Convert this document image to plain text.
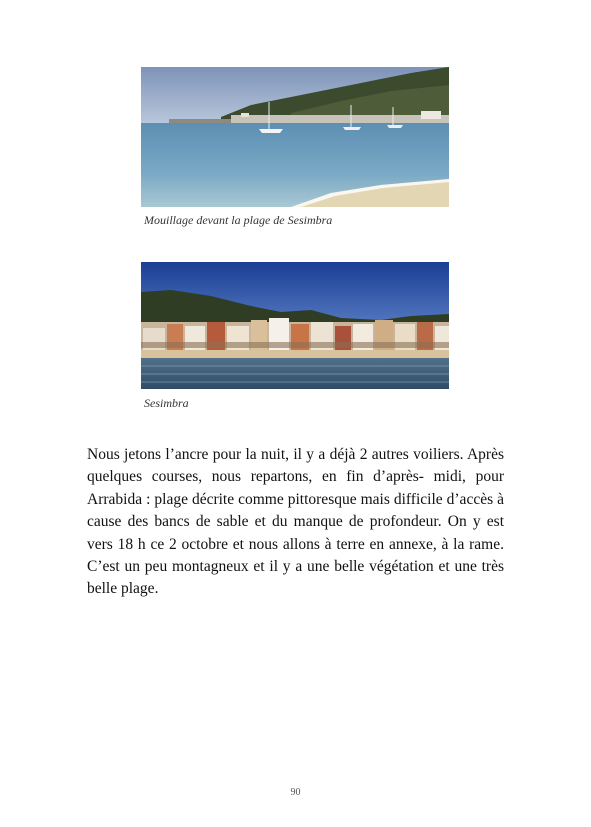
Mouillage devant la plage de Sesimbra
Sesimbra

Nous jetons l’ancre pour la nuit, il y a déjà 2 autres voiliers. Après quelques courses, nous repartons, en fin d’après- midi, pour Arrabida : plage décrite comme pittoresque mais difficile d’accès à cause des bancs de sable et du manque de profondeur. On y est vers 18 h ce 2 octobre et nous allons à terre en annexe, à la rame. C’est un peu montagneux et il y a une belle végétation et une très belle plage.

90
